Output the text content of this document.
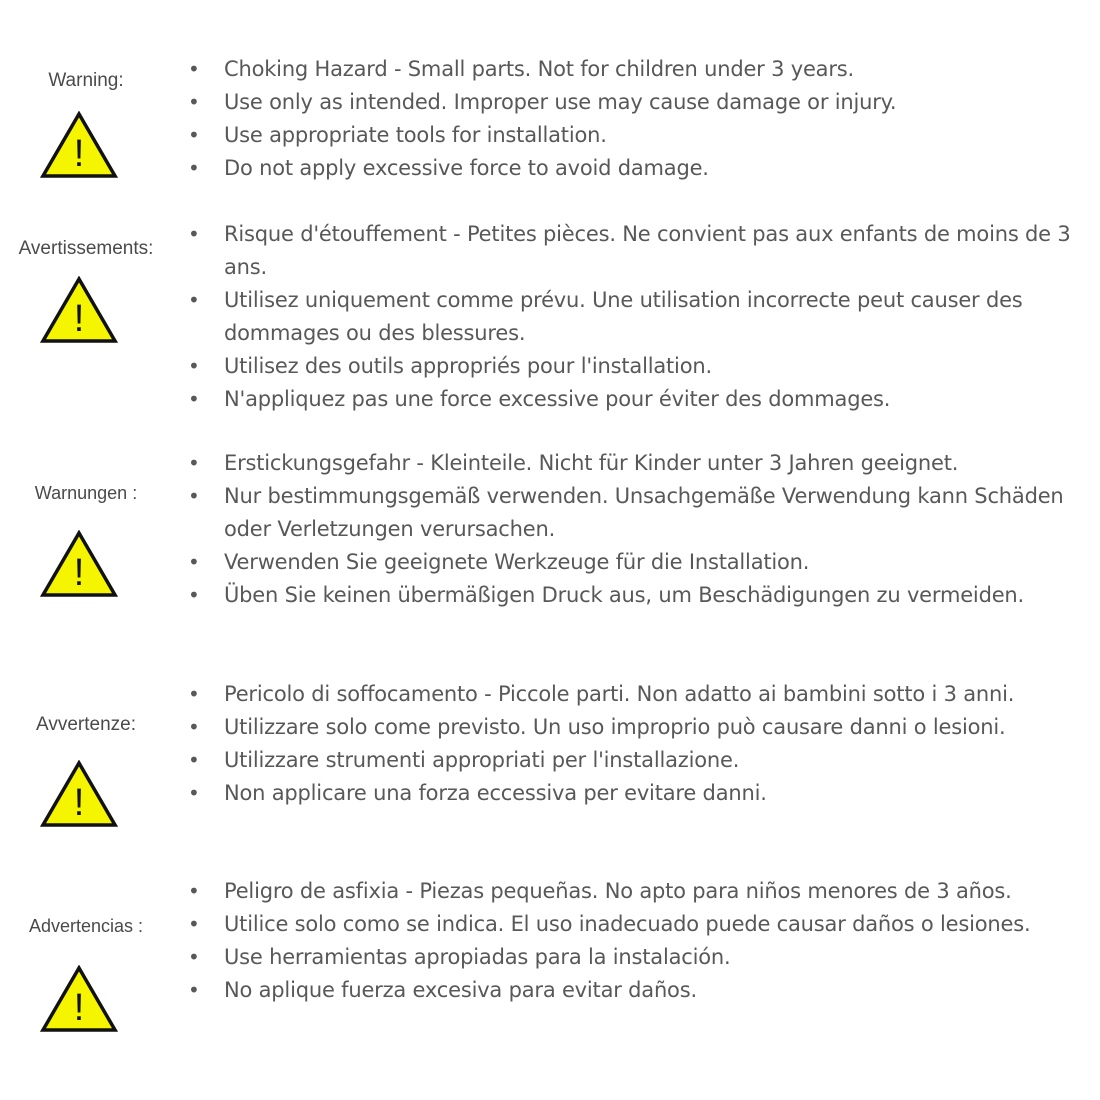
Warning:
!
• Choking Hazard - Small parts. Not for children under 3 years.
• Use only as intended. Improper use may cause damage or injury.
• Use appropriate tools for installation.
• Do not apply excessive force to avoid damage.
Avertissements:
!
• Risque d'étouffement - Petites pièces. Ne convient pas aux enfants de moins de 3 ans.
• Utilisez uniquement comme prévu. Une utilisation incorrecte peut causer des dommages ou des blessures.
• Utilisez des outils appropriés pour l'installation.
• N'appliquez pas une force excessive pour éviter des dommages.
Warnungen :
!
• Erstickungsgefahr - Kleinteile. Nicht für Kinder unter 3 Jahren geeignet.
• Nur bestimmungsgemäß verwenden. Unsachgemäße Verwendung kann Schäden oder Verletzungen verursachen.
• Verwenden Sie geeignete Werkzeuge für die Installation.
• Üben Sie keinen übermäßigen Druck aus, um Beschädigungen zu vermeiden.
Avvertenze:
!
• Pericolo di soffocamento - Piccole parti. Non adatto ai bambini sotto i 3 anni.
• Utilizzare solo come previsto. Un uso improprio può causare danni o lesioni.
• Utilizzare strumenti appropriati per l'installazione.
• Non applicare una forza eccessiva per evitare danni.
Advertencias :
!
• Peligro de asfixia - Piezas pequeñas. No apto para niños menores de 3 años.
• Utilice solo como se indica. El uso inadecuado puede causar daños o lesiones.
• Use herramientas apropiadas para la instalación.
• No aplique fuerza excesiva para evitar daños.
